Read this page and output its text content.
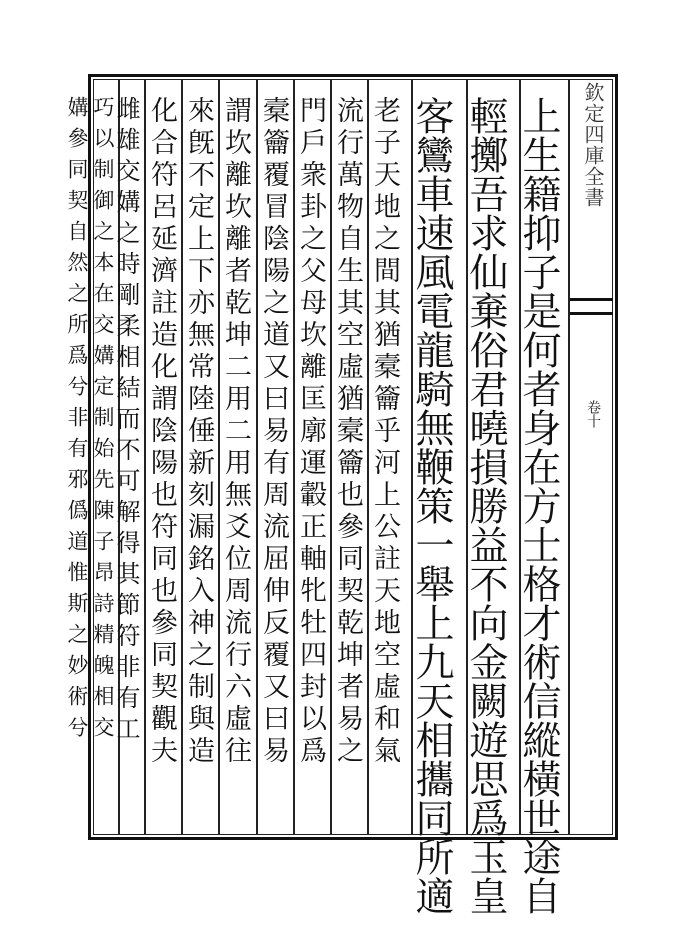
欽定四庫全書
卷十
上生籍抑子是何者身在方士格才術信縱橫世途自
輕擲吾求仙棄俗君曉損勝益不向金闕遊思爲玉皇
客鸞車速風電龍騎無鞭策一舉上九天相攜同所適
老子天地之間其猶槖籥乎河上公註天地空虛和氣
流行萬物自生其空虛猶槖籥也參同契乾坤者易之
門戶衆卦之父母坎離匡廓運轂正軸牝牡四封以爲
槖籥覆冒陰陽之道又曰易有周流屈伸反覆又曰易
謂坎離坎離者乾坤二用二用無爻位周流行六虛往
來旣不定上下亦無常陸倕新刻漏銘入神之制與造
化合符呂延濟註造化謂陰陽也符同也參同契觀夫
雌雄交媾之時剛柔相結而不可解得其節符非有工
巧以制御之本在交媾定制始先陳子昂詩精魄相交
媾參同契自然之所爲兮非有邪僞道惟斯之妙術兮
